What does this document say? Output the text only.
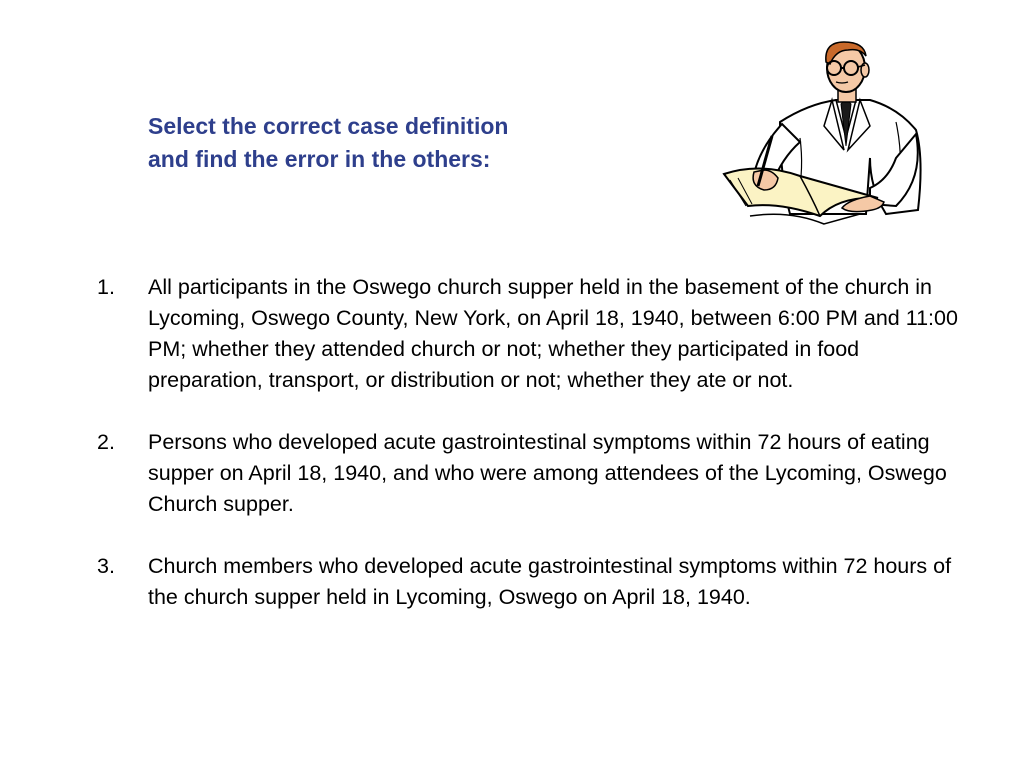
Select the correct case definition
and find the error in the others:
1. All participants in the Oswego church supper held in the basement of the church in Lycoming, Oswego County, New York, on April 18, 1940, between 6:00 PM and 11:00 PM; whether they attended church or not; whether they participated in food preparation, transport, or distribution or not; whether they ate or not.
2. Persons who developed acute gastrointestinal symptoms within 72 hours of eating supper on April 18, 1940, and who were among attendees of the Lycoming, Oswego Church supper.
3. Church members who developed acute gastrointestinal symptoms within 72 hours of the church supper held in Lycoming, Oswego on April 18, 1940.
